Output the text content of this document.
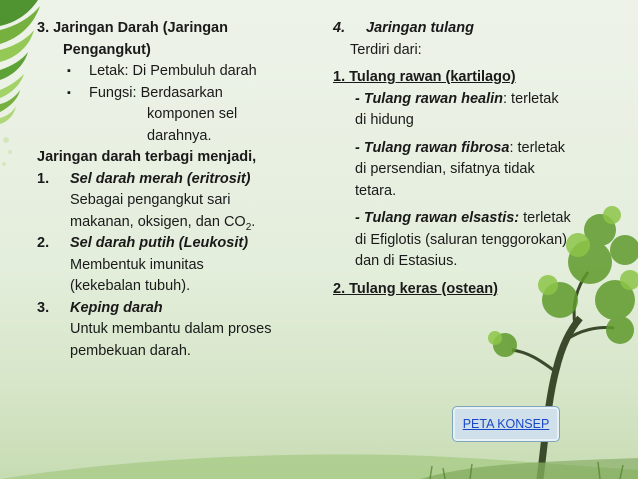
3. Jaringan Darah (Jaringan
Pengangkut)
▪	Letak: Di Pembuluh darah
▪	Fungsi: Berdasarkan
komponen sel
darahnya.
Jaringan darah terbagi menjadi,
1.	Sel darah merah (eritrosit)
Sebagai pengangkut sari
makanan, oksigen, dan $CO_2$.
2.	Sel darah putih (Leukosit)
Membentuk imunitas
(kekebalan tubuh).
3.	Keping darah
Untuk membantu dalam proses
pembekuan darah.
4.	Jaringan tulang
Terdiri dari:
1. Tulang rawan (kartilago)
- Tulang rawan healin: terletak
di hidung
- Tulang rawan fibrosa: terletak
di persendian, sifatnya tidak
tetara.
- Tulang rawan elsastis: terletak
di Efiglotis (saluran tenggorokan)
dan di Estasius.
2. Tulang keras (ostean)
PETA KONSEP
